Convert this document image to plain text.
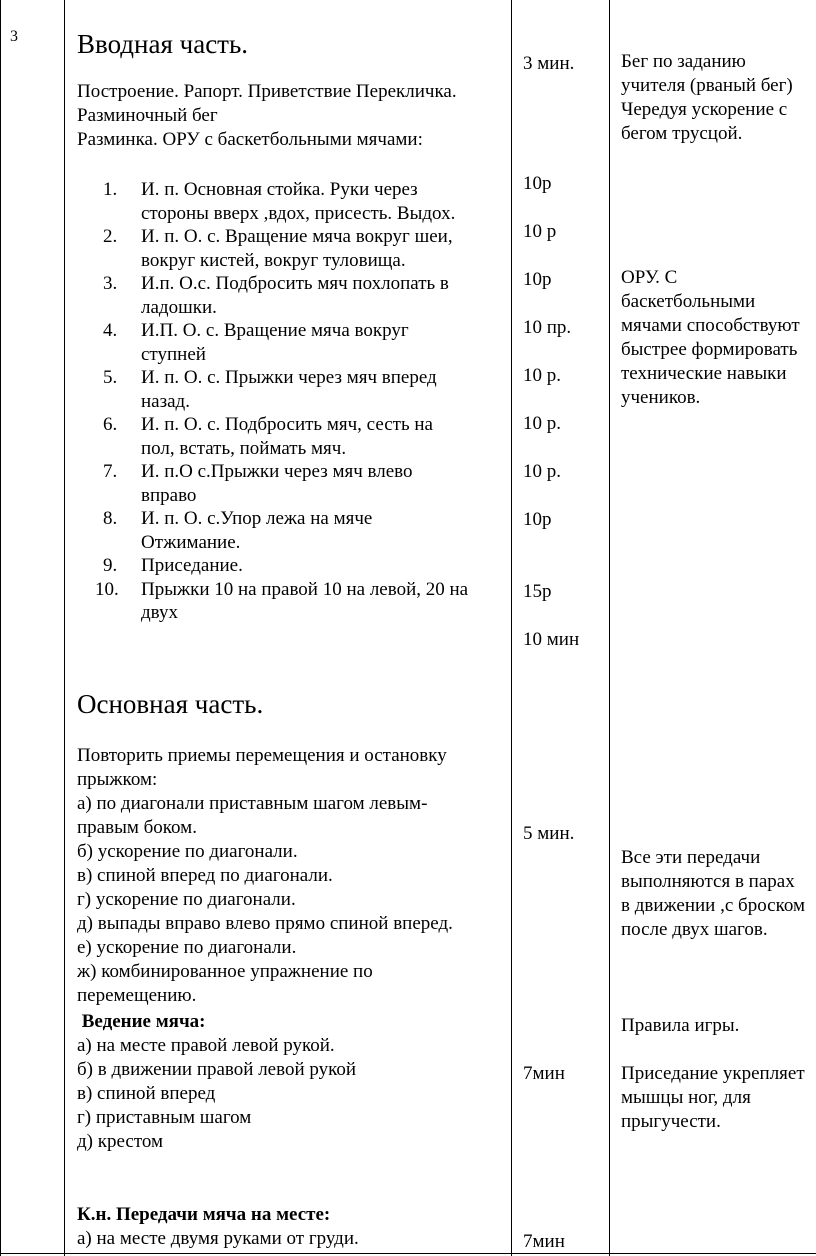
3 Вводная часть.
Построение. Рапорт. Приветствие Перекличка.
Разминочный бег
Разминка. ОРУ с баскетбольными мячами:
1. И. п. Основная стойка. Руки через
стороны вверх ,вдох, присесть. Выдох.
2. И. п. О. с. Вращение мяча вокруг шеи,
вокруг кистей, вокруг туловища.
3. И.п. О.с. Подбросить мяч похлопать в
ладошки.
4. И.П. О. с. Вращение мяча вокруг
ступней
5. И. п. О. с. Прыжки через мяч вперед
назад.
6. И. п. О. с. Подбросить мяч, сесть на
пол, встать, поймать мяч.
7. И. п.О с.Прыжки через мяч влево
вправо
8. И. п. О. с.Упор лежа на мяче
Отжимание.
9. Приседание.
10. Прыжки 10 на правой 10 на левой, 20 на
двух
Основная часть.
Повторить приемы перемещения и остановку
прыжком:
а) по диагонали приставным шагом левым-
правым боком.
б) ускорение по диагонали.
в) спиной вперед по диагонали.
г) ускорение по диагонали.
д) выпады вправо влево прямо спиной вперед.
е) ускорение по диагонали.
ж) комбинированное упражнение по
перемещению.
Ведение мяча:
а) на месте правой левой рукой.
б) в движении правой левой рукой
в) спиной вперед
г) приставным шагом
д) крестом
К.н. Передачи мяча на месте:
а) на месте двумя руками от груди.
3 мин.
10р
10 р
10р
10 пр.
10 р.
10 р.
10 р.
10р
15р
10 мин
5 мин.
7мин
7мин
Бег по заданию
учителя (рваный бег)
Чередуя ускорение с
бегом трусцой.
ОРУ. С
баскетбольными
мячами способствуют
быстрее формировать
технические навыки
учеников.
Все эти передачи
выполняются в парах
в движении ,с броском
после двух шагов.
Правила игры.
Приседание укрепляет
мышцы ног, для
прыгучести.
